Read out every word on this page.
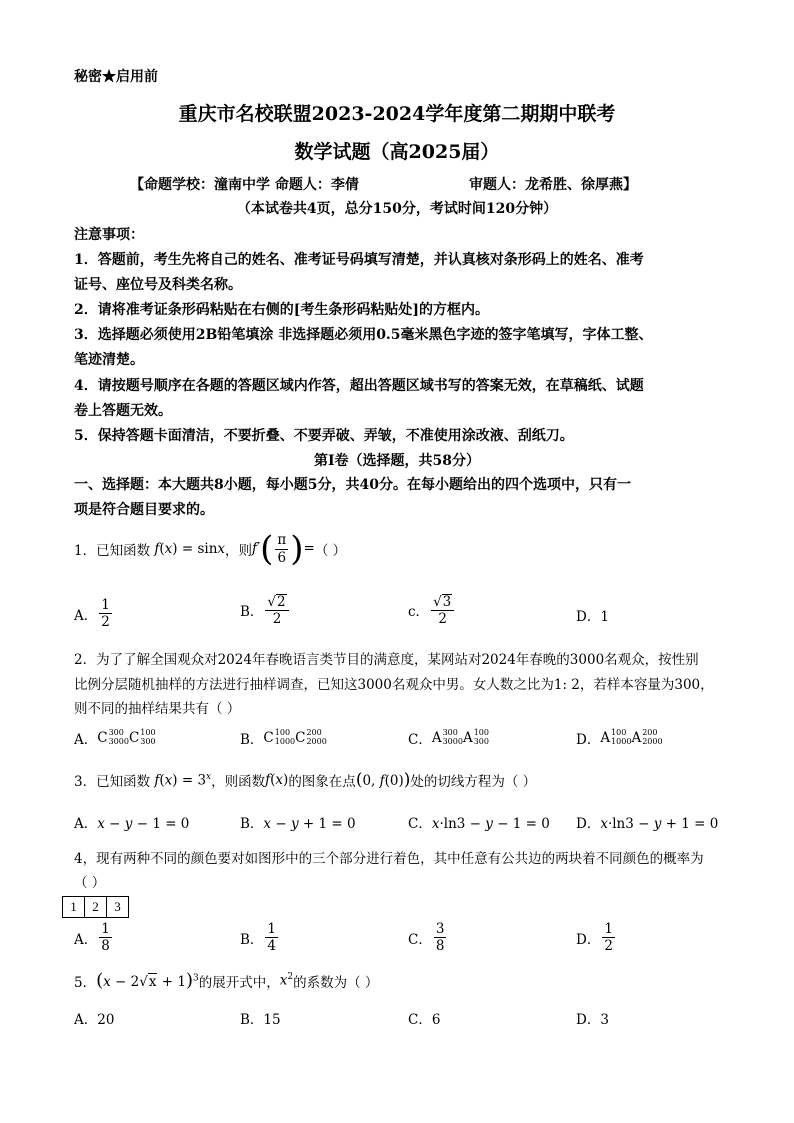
秘密★启用前
重庆市名校联盟2023-2024学年度第二期期中联考
数学试题（高2025届）
【命题学校：潼南中学 命题人：李倩	审题人：龙希胜、徐厚燕】
（本试卷共4页，总分150分，考试时间120分钟）
注意事项：
1．答题前，考生先将自己的姓名、准考证号码填写清楚，并认真核对条形码上的姓名、准考
证号、座位号及科类名称。
2．请将准考证条形码粘贴在右侧的[考生条形码粘贴处]的方框内。
3．选择题必须使用2B铅笔填涂 非选择题必须用0.5毫米黑色字迹的签字笔填写，字体工整、
笔迹清楚。
4．请按题号顺序在各题的答题区域内作答，超出答题区域书写的答案无效，在草稿纸、试题
卷上答题无效。
5．保持答题卡面清洁，不要折叠、不要弄破、弄皱，不准使用涂改液、刮纸刀。
第Ⅰ卷（选择题，共58分）
一、选择题：本大题共8小题，每小题5分，共40分。在每小题给出的四个选项中，只有一
项是符合题目要求的。
1．已知函数 f(x) = sinx ，则 $f'( \frac{\pi}{6}$ )= （ ）
A． $\frac{1}{2}$	B． $\frac{√ 2}{2}$	c． $\frac{√ 3}{2}$	D．1
2．为了了解全国观众对2024年春晚语言类节目的满意度，某网站对2024年春晚的3000名观众，按性别
比例分层随机抽样的方法进行抽样调查，已知这3000名观众中男。女人数之比为1: 2，若样本容量为300，
则不同的抽样结果共有（ ）
A． C 300
3000 C 100
300	B． C 100
1000 C 200
2000	C． A 300
3000 A 100
300	D． A 100
1000 A 200
2000
3．已知函数 $f(x) = 3^x$ ，则函数 f(x) 的图象在点 (0, f(0)) 处的切线方程为（ ）
A．x − y − 1 = 0	B．x − y + 1 = 0	C．x·ln3 − y − 1 = 0 D．x·ln3 − y + 1 = 0
4，现有两种不同的颜色要对如图形中的三个部分进行着色，其中任意有公共边的两块着不同颜色的概率为
（ ）
1	2	3
A． $\frac{1}{8}$	B． $\frac{1}{4}$	C． $\frac{3}{8}$	D． $\frac{1}{2}$
5． (x − 2 √ x + 1)$^3$ 的展开式中， $x^2$ 的系数为（ ）
A．20	B．15	C．6	D．3
